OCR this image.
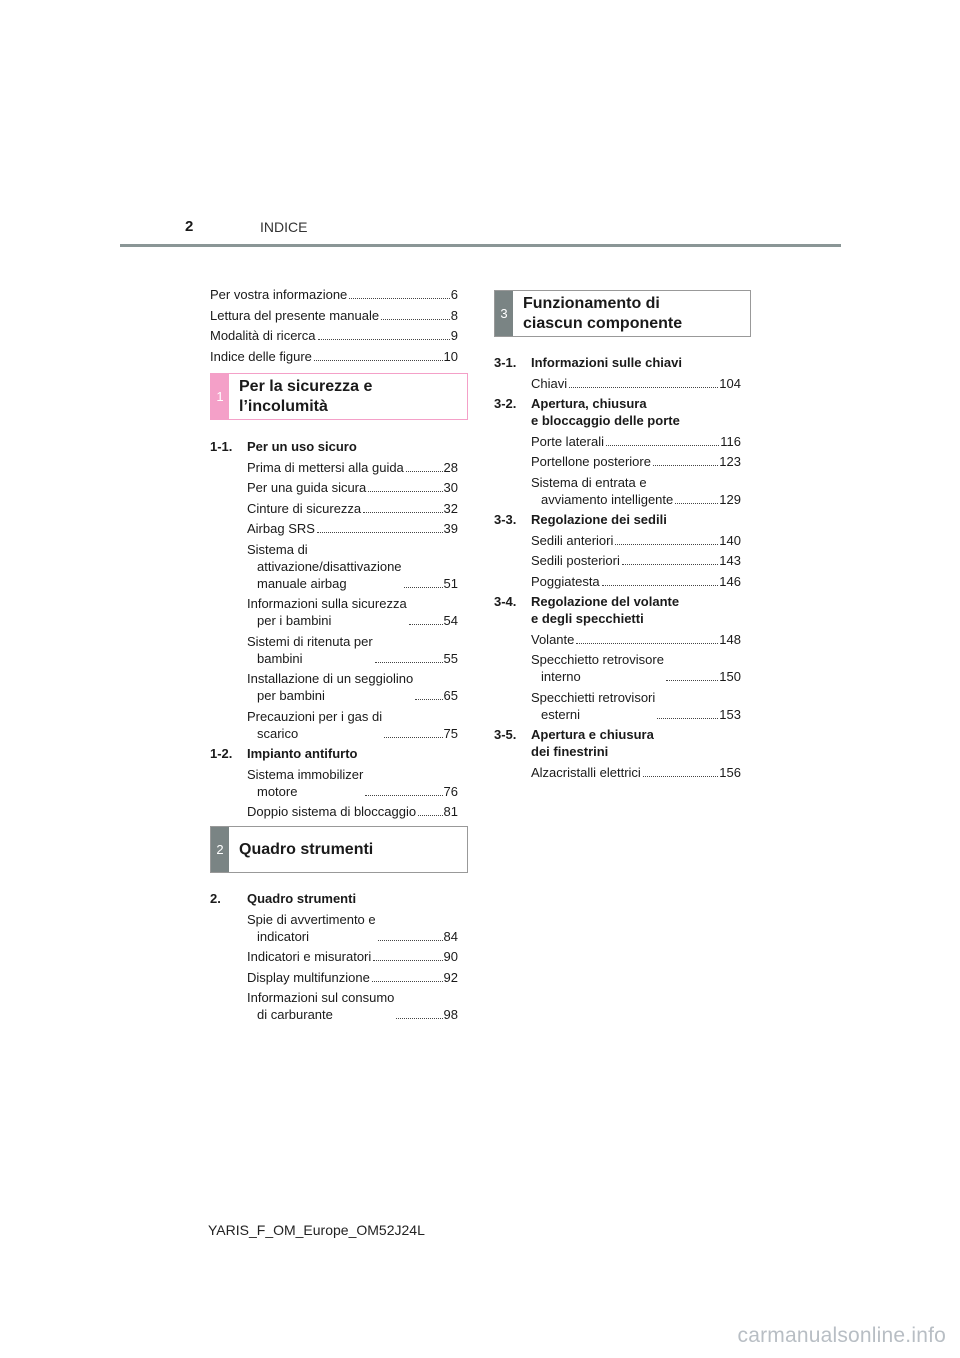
2	INDICE
Per vostra informazione	6
Lettura del presente manuale	8
Modalità di ricerca	9
Indice delle figure	10
1
Per la sicurezza e
l’incolumità
1-1.	Per un uso sicuro
Prima di mettersi alla guida	28
Per una guida sicura	30
Cinture di sicurezza	32
Airbag SRS	39
Sistema di
attivazione/disattivazione
manuale airbag	51
Informazioni sulla sicurezza
per i bambini	54
Sistemi di ritenuta per
bambini	55
Installazione di un seggiolino
per bambini	65
Precauzioni per i gas di
scarico	75
1-2.	Impianto antifurto
Sistema immobilizer
motore	76
Doppio sistema di bloccaggio 81
2 Quadro strumenti
2.	Quadro strumenti
Spie di avvertimento e
indicatori	84
Indicatori e misuratori	90
Display multifunzione	92
Informazioni sul consumo
di carburante	98
3
Funzionamento di
ciascun componente
3-1.	Informazioni sulle chiavi
Chiavi	104
3-2.	Apertura, chiusura
e bloccaggio delle porte
Porte laterali	116
Portellone posteriore	123
Sistema di entrata e
avviamento intelligente	129
3-3.	Regolazione dei sedili
Sedili anteriori	140
Sedili posteriori	143
Poggiatesta	146
3-4.	Regolazione del volante
e degli specchietti
Volante	148
Specchietto retrovisore
interno	150
Specchietti retrovisori
esterni	153
3-5.	Apertura e chiusura
dei finestrini
Alzacristalli elettrici	156
YARIS_F_OM_Europe_OM52J24L
carmanualsonline.info
